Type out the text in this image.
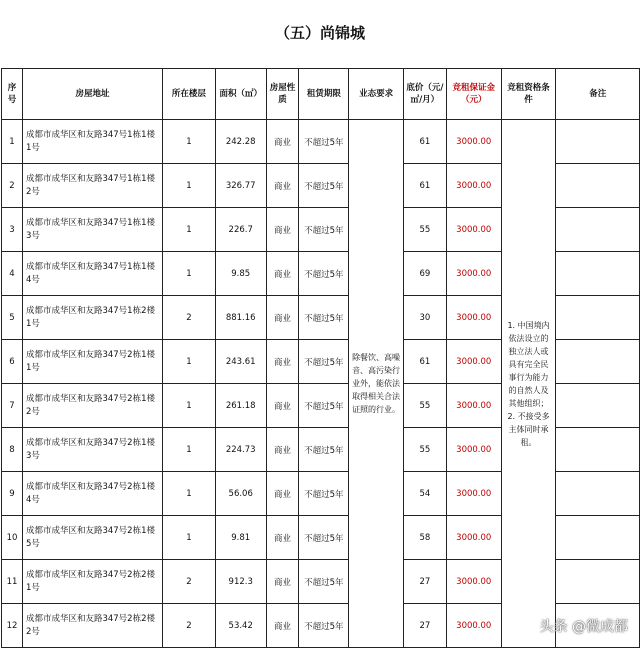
（五）尚锦城
序号	房屋地址	所在楼层	面积（㎡）	房屋性质	租赁期限	业态要求	底价（元/㎡/月）	竞租保证金（元）	竞租资格条件	备注
1	成都市成华区和友路347号1栋1楼1号	1	242.28	商业	不超过5年	除餐饮、高噪音、高污染行业外，能依法取得相关合法证照的行业。	61	3000.00	1. 中国境内依法设立的独立法人或具有完全民事行为能力的自然人及其他组织；2. 不接受多主体同时承租。	
2	成都市成华区和友路347号1栋1楼2号	1	326.77	商业	不超过5年		61	3000.00		
3	成都市成华区和友路347号1栋1楼3号	1	226.7	商业	不超过5年		55	3000.00		
4	成都市成华区和友路347号1栋1楼4号	1	9.85	商业	不超过5年		69	3000.00		
5	成都市成华区和友路347号1栋2楼1号	2	881.16	商业	不超过5年		30	3000.00		
6	成都市成华区和友路347号2栋1楼1号	1	243.61	商业	不超过5年		61	3000.00		
7	成都市成华区和友路347号2栋1楼2号	1	261.18	商业	不超过5年		55	3000.00		
8	成都市成华区和友路347号2栋1楼3号	1	224.73	商业	不超过5年		55	3000.00		
9	成都市成华区和友路347号2栋1楼4号	1	56.06	商业	不超过5年		54	3000.00		
10	成都市成华区和友路347号2栋1楼5号	1	9.81	商业	不超过5年		58	3000.00		
11	成都市成华区和友路347号2栋2楼1号	2	912.3	商业	不超过5年		27	3000.00		
12	成都市成华区和友路347号2栋2楼2号	2	53.42	商业	不超过5年		27	3000.00			头条 @微成都
